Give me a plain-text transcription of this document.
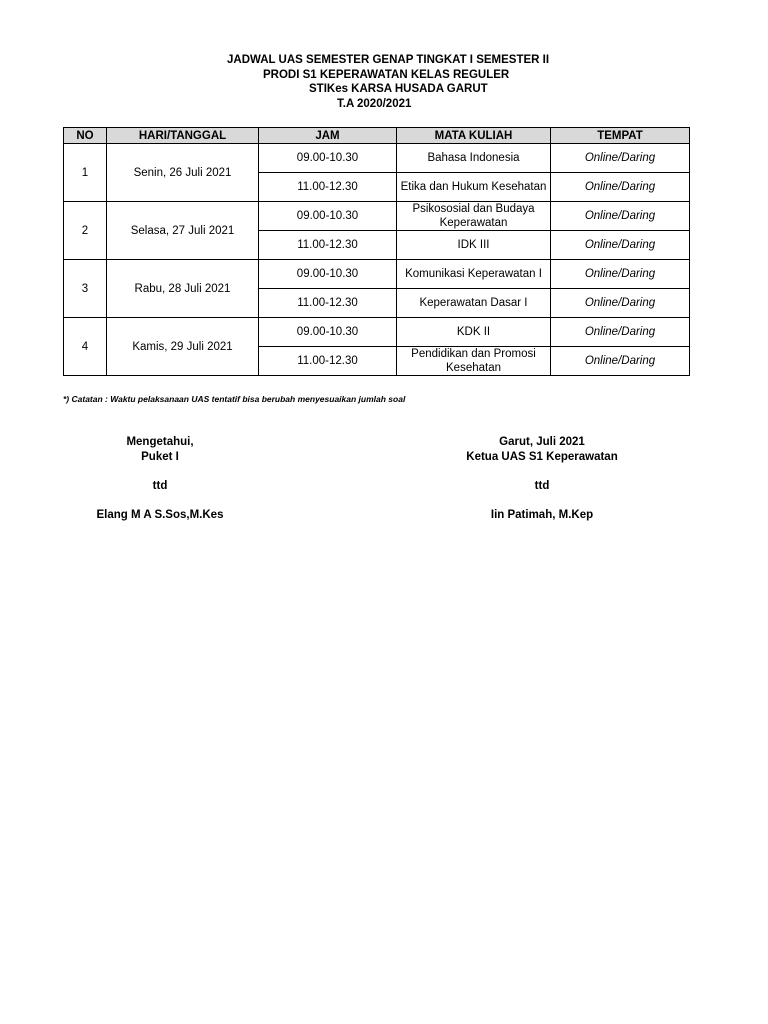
JADWAL UAS SEMESTER GENAP TINGKAT I SEMESTER II
PRODI S1 KEPERAWATAN KELAS REGULER
STIKes KARSA HUSADA GARUT
T.A 2020/2021
NO	HARI/TANGGAL	JAM	MATA KULIAH	TEMPAT
1	Senin, 26 Juli 2021	09.00-10.30	Bahasa Indonesia	Online/Daring
		11.00-12.30	Etika dan Hukum Kesehatan	Online/Daring
2	Selasa, 27 Juli 2021	09.00-10.30	Psikososial dan Budaya Keperawatan	Online/Daring
		11.00-12.30	IDK III	Online/Daring
3	Rabu, 28 Juli 2021	09.00-10.30	Komunikasi Keperawatan I	Online/Daring
		11.00-12.30	Keperawatan Dasar I	Online/Daring
4	Kamis, 29 Juli 2021	09.00-10.30	KDK II	Online/Daring
		11.00-12.30	Pendidikan dan Promosi Kesehatan	Online/Daring
*) Catatan : Waktu pelaksanaan UAS tentatif bisa berubah menyesuaikan jumlah soal
Mengetahui,
Puket I
ttd
Elang M A S.Sos,M.Kes
Garut, Juli 2021
Ketua UAS S1 Keperawatan
ttd
Iin Patimah, M.Kep
